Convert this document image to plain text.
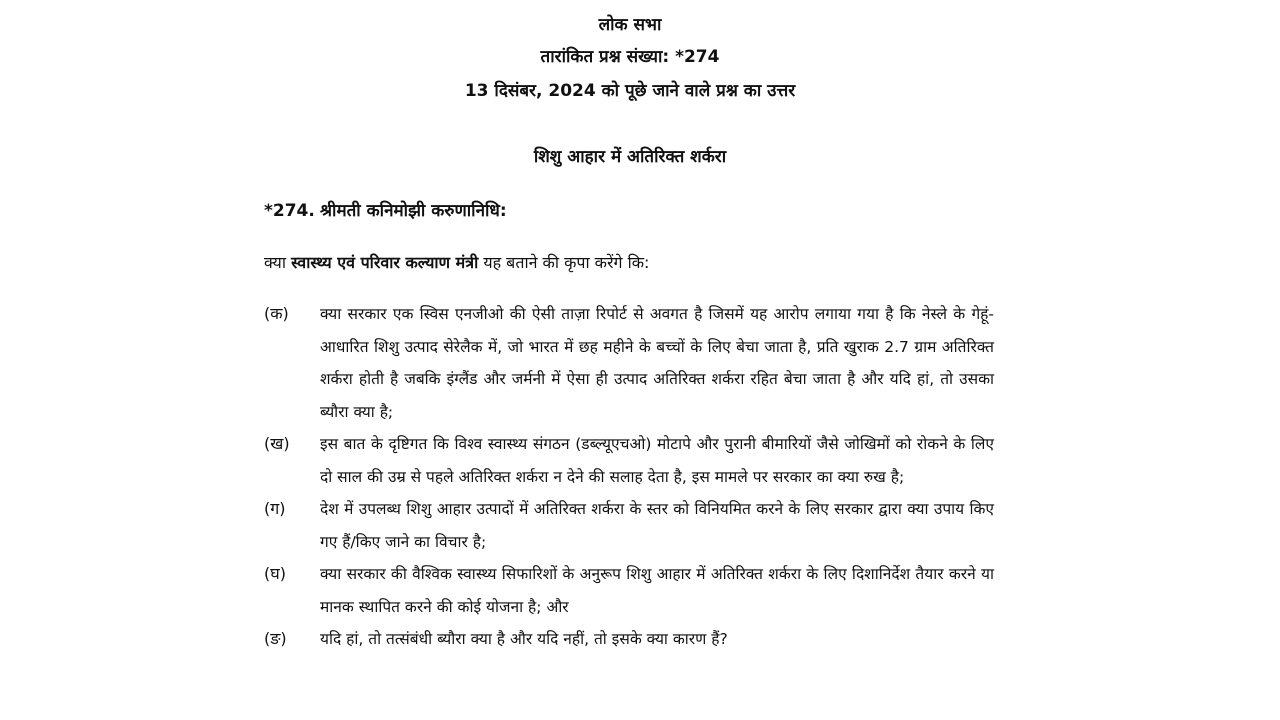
लोक सभा
तारांकित प्रश्न संख्या: *274
13 दिसंबर, 2024 को पूछे जाने वाले प्रश्न का उत्तर
शिशु आहार में अतिरिक्त शर्करा
*274. श्रीमती कनिमोझी करुणानिधि:
क्या स्वास्थ्य एवं परिवार कल्याण मंत्री यह बताने की कृपा करेंगे कि:
(क)	क्या सरकार एक स्विस एनजीओ की ऐसी ताज़ा रिपोर्ट से अवगत है जिसमें यह आरोप लगाया गया है कि नेस्ले के गेहूं-आधारित शिशु उत्पाद सेरेलैक में, जो भारत में छह महीने के बच्चों के लिए बेचा जाता है, प्रति खुराक 2.7 ग्राम अतिरिक्त शर्करा होती है जबकि इंग्लैंड और जर्मनी में ऐसा ही उत्पाद अतिरिक्त शर्करा रहित बेचा जाता है और यदि हां, तो उसका ब्यौरा क्या है;
(ख)	इस बात के दृष्टिगत कि विश्व स्वास्थ्य संगठन (डब्ल्यूएचओ) मोटापे और पुरानी बीमारियों जैसे जोखिमों को रोकने के लिए दो साल की उम्र से पहले अतिरिक्त शर्करा न देने की सलाह देता है, इस मामले पर सरकार का क्या रुख है;
(ग)	देश में उपलब्ध शिशु आहार उत्पादों में अतिरिक्त शर्करा के स्तर को विनियमित करने के लिए सरकार द्वारा क्या उपाय किए गए हैं/किए जाने का विचार है;
(घ)	क्या सरकार की वैश्विक स्वास्थ्य सिफारिशों के अनुरूप शिशु आहार में अतिरिक्त शर्करा के लिए दिशानिर्देश तैयार करने या मानक स्थापित करने की कोई योजना है; और
(ङ)	यदि हां, तो तत्संबंधी ब्यौरा क्या है और यदि नहीं, तो इसके क्या कारण हैं?
